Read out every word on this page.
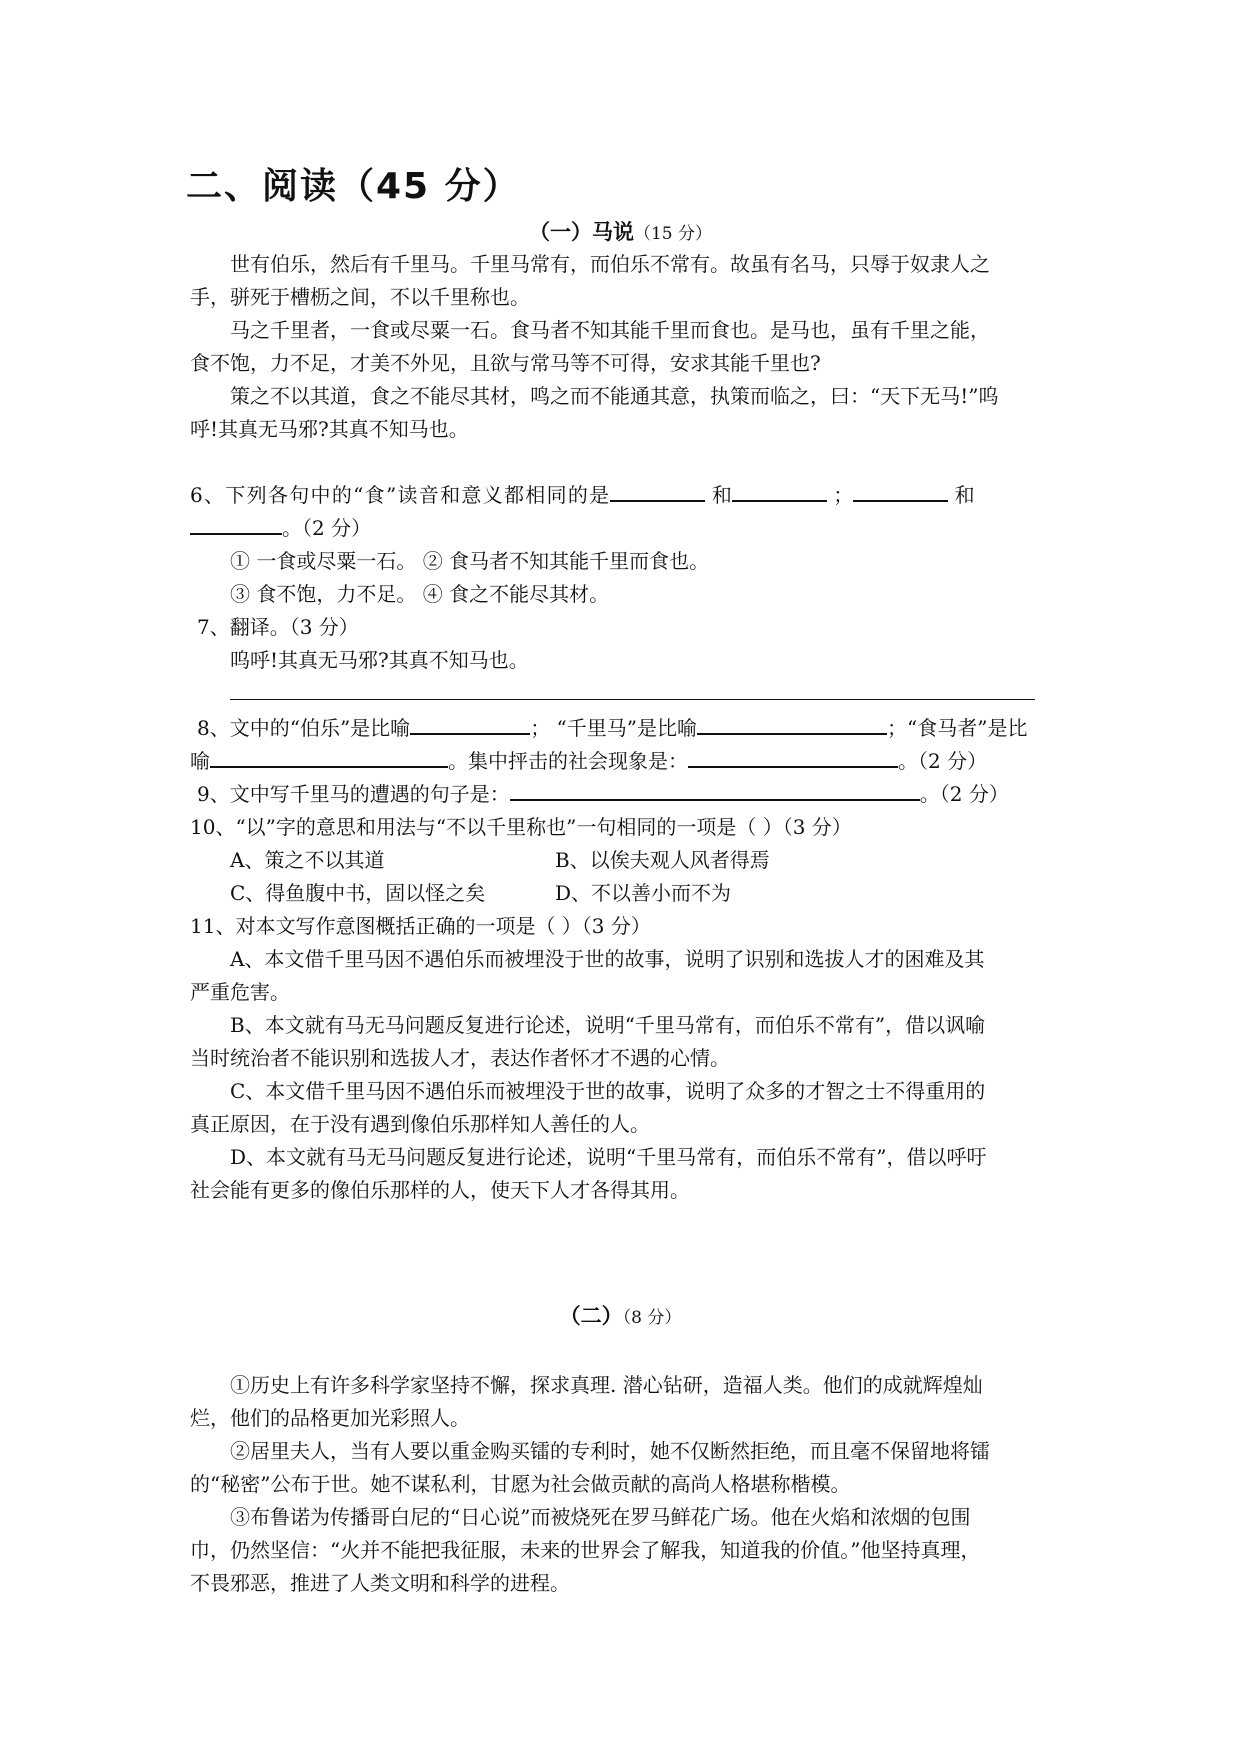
二、阅读（45 分）
（一）马说（15 分）
世有伯乐，然后有千里马。千里马常有，而伯乐不常有。故虽有名马，只辱于奴隶人之
手，骈死于槽枥之间，不以千里称也。
马之千里者，一食或尽粟一石。食马者不知其能千里而食也。是马也，虽有千里之能，
食不饱，力不足，才美不外见，且欲与常马等不可得，安求其能千里也?
策之不以其道，食之不能尽其材，鸣之而不能通其意，执策而临之，曰：“天下无马!”呜
呼!其真无马邪?其真不知马也。
6、下列各句中的“食”读音和意义都相同的是	和	；	和
。（2 分）
① 一食或尽粟一石。 ② 食马者不知其能千里而食也。
③ 食不饱，力不足。 ④ 食之不能尽其材。
7、翻译。（3 分）
呜呼!其真无马邪?其真不知马也。
8、文中的“伯乐”是比喻	； “千里马”是比喻	；“食马者”是比
喻	。集中抨击的社会现象是：	。（2 分）
9、文中写千里马的遭遇的句子是：	。（2 分）
10、“以”字的意思和用法与“不以千里称也”一句相同的一项是（ ）（3 分）
A、策之不以其道	B、以俟夫观人风者得焉
C、得鱼腹中书，固以怪之矣	D、不以善小而不为
11、对本文写作意图概括正确的一项是（ ）（3 分）
A、本文借千里马因不遇伯乐而被埋没于世的故事，说明了识别和选拔人才的困难及其
严重危害。
B、本文就有马无马问题反复进行论述，说明“千里马常有，而伯乐不常有”，借以讽喻
当时统治者不能识别和选拔人才，表达作者怀才不遇的心情。
C、本文借千里马因不遇伯乐而被埋没于世的故事，说明了众多的才智之士不得重用的
真正原因，在于没有遇到像伯乐那样知人善任的人。
D、本文就有马无马问题反复进行论述，说明“千里马常有，而伯乐不常有”，借以呼吁
社会能有更多的像伯乐那样的人，使天下人才各得其用。
（二）（8 分）
①历史上有许多科学家坚持不懈，探求真理. 潜心钻研，造福人类。他们的成就辉煌灿
烂，他们的品格更加光彩照人。
②居里夫人，当有人要以重金购买镭的专利时，她不仅断然拒绝，而且毫不保留地将镭
的“秘密”公布于世。她不谋私利，甘愿为社会做贡献的高尚人格堪称楷模。
③布鲁诺为传播哥白尼的“日心说”而被烧死在罗马鲜花广场。他在火焰和浓烟的包围
巾，仍然坚信：“火并不能把我征服，未来的世界会了解我，知道我的价值。”他坚持真理，
不畏邪恶，推进了人类文明和科学的进程。
